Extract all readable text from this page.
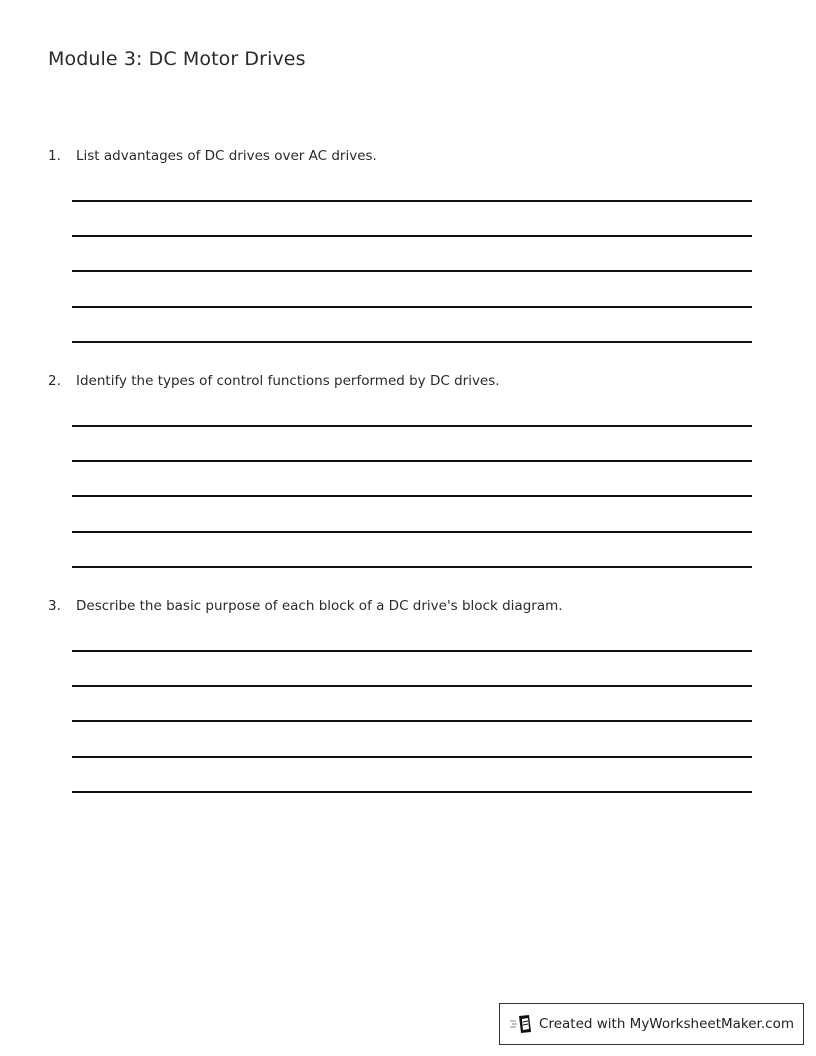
Module 3: DC Motor Drives
1.	List advantages of DC drives over AC drives.
2.	Identify the types of control functions performed by DC drives.
3.	Describe the basic purpose of each block of a DC drive's block diagram.
Created with MyWorksheetMaker.com
